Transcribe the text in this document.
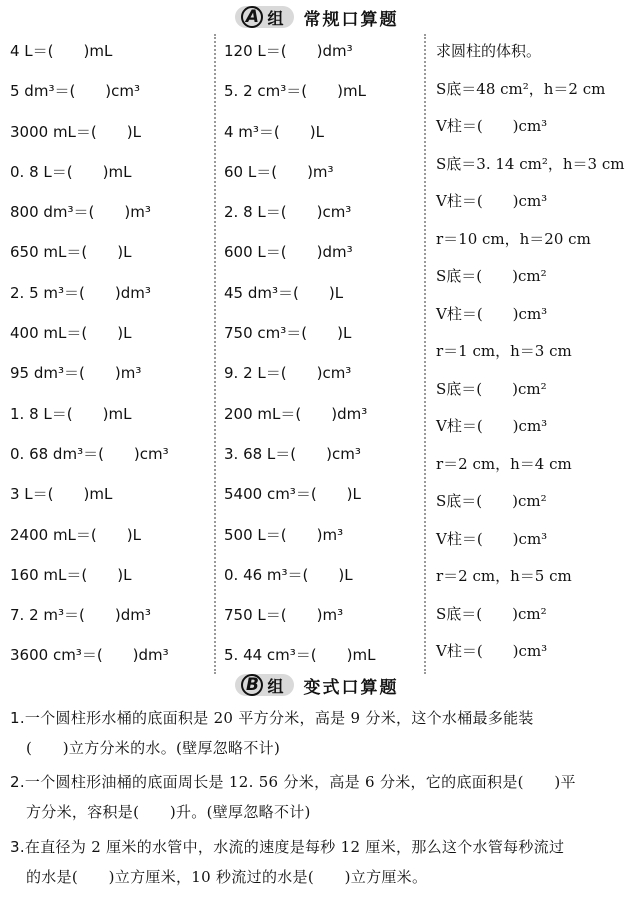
A 组 常规口算题
4 L＝(　　)mL
5 dm³＝(　　)cm³
3000 mL＝(　　)L
0. 8 L＝(　　)mL
800 dm³＝(　　)m³
650 mL＝(　　)L
2. 5 m³＝(　　)dm³
400 mL＝(　　)L
95 dm³＝(　　)m³
1. 8 L＝(　　)mL
0. 68 dm³＝(　　)cm³
3 L＝(　　)mL
2400 mL＝(　　)L
160 mL＝(　　)L
7. 2 m³＝(　　)dm³
3600 cm³＝(　　)dm³
120 L＝(　　)dm³
5. 2 cm³＝(　　)mL
4 m³＝(　　)L
60 L＝(　　)m³
2. 8 L＝(　　)cm³
600 L＝(　　)dm³
45 dm³＝(　　)L
750 cm³＝(　　)L
9. 2 L＝(　　)cm³
200 mL＝(　　)dm³
3. 68 L＝(　　)cm³
5400 cm³＝(　　)L
500 L＝(　　)m³
0. 46 m³＝(　　)L
750 L＝(　　)m³
5. 44 cm³＝(　　)mL
求圆柱的体积。
S底＝48 cm²，h＝2 cm
V柱＝(　　)cm³
S底＝3. 14 cm²，h＝3 cm
V柱＝(　　)cm³
r＝10 cm，h＝20 cm
S底＝(　　)cm²
V柱＝(　　)cm³
r＝1 cm，h＝3 cm
S底＝(　　)cm²
V柱＝(　　)cm³
r＝2 cm，h＝4 cm
S底＝(　　)cm²
V柱＝(　　)cm³
r＝2 cm，h＝5 cm
S底＝(　　)cm²
V柱＝(　　)cm³
B 组 变式口算题
1.一个圆柱形水桶的底面积是 20 平方分米，高是 9 分米，这个水桶最多能装
(　　)立方分米的水。(壁厚忽略不计)
2.一个圆柱形油桶的底面周长是 12. 56 分米，高是 6 分米，它的底面积是(　　)平
方分米，容积是(　　)升。(壁厚忽略不计)
3.在直径为 2 厘米的水管中，水流的速度是每秒 12 厘米，那么这个水管每秒流过
的水是(　　)立方厘米，10 秒流过的水是(　　)立方厘米。
